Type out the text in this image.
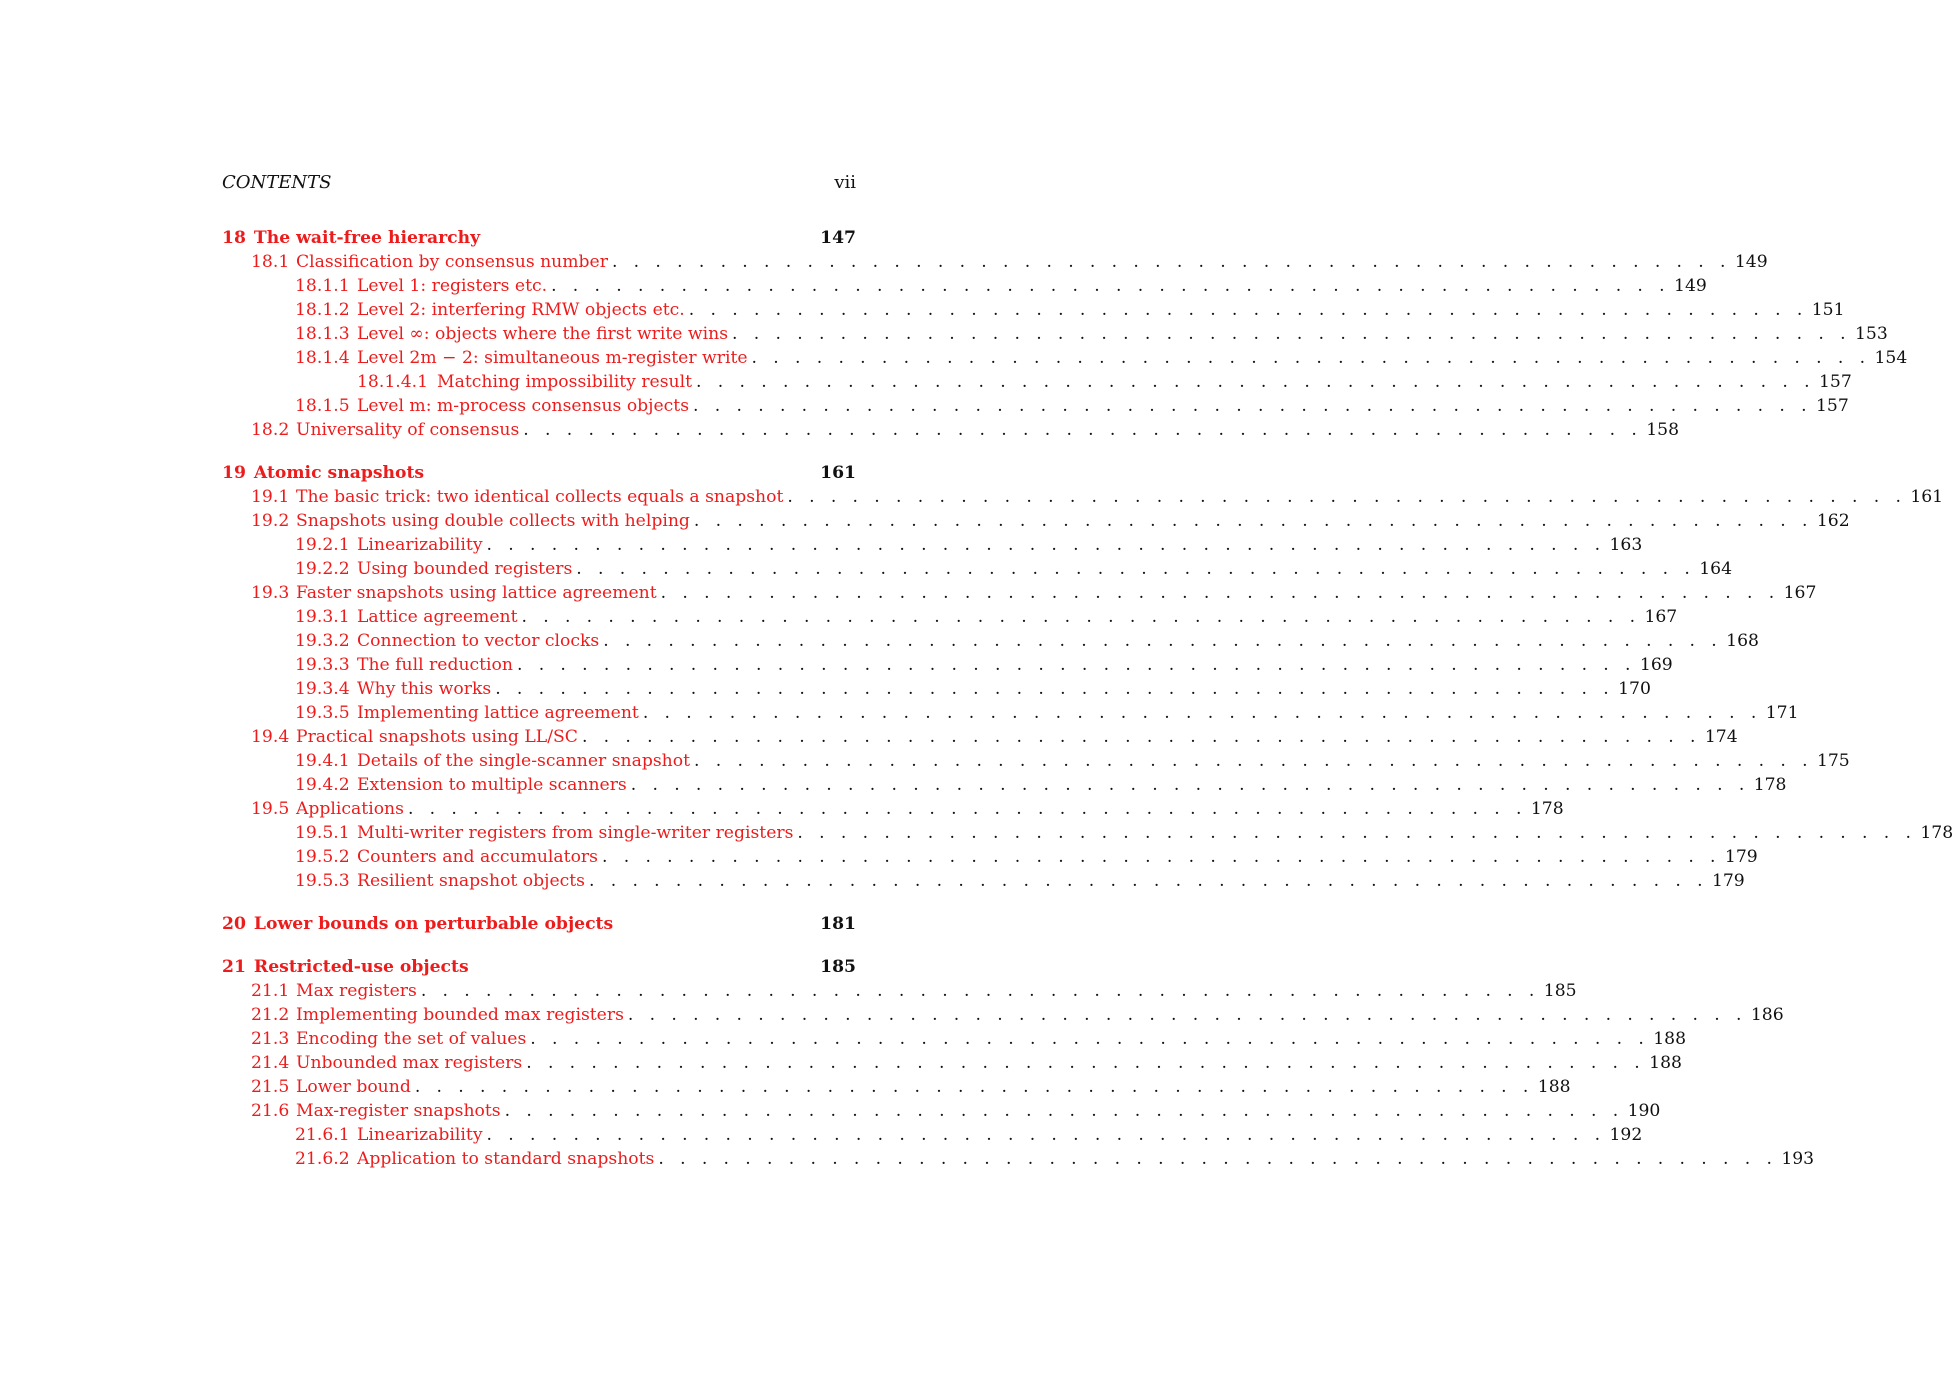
CONTENTS	vii
18 The wait-free hierarchy	147
18.1 Classification by consensus number . . . . . . . . . . . . . . . . . . . . . . . . . . . . . . . . . . . . . . . . . . . . . . . . . . . . 149
18.1.1 Level 1: registers etc. . . . . . . . . . . . . . . . . . . . . . . . . . . . . . . . . . . . . . . . . . . . . . . . . . . . . 149
18.1.2 Level 2: interfering RMW objects etc. . . . . . . . . . . . . . . . . . . . . . . . . . . . . . . . . . . . . . . . . . . . . . . . . . . . . 151
18.1.3 Level ∞: objects where the first write wins . . . . . . . . . . . . . . . . . . . . . . . . . . . . . . . . . . . . . . . . . . . . . . . . . . . . 153
18.1.4 Level 2m − 2: simultaneous m-register write . . . . . . . . . . . . . . . . . . . . . . . . . . . . . . . . . . . . . . . . . . . . . . . . . . . . 154
18.1.4.1 Matching impossibility result . . . . . . . . . . . . . . . . . . . . . . . . . . . . . . . . . . . . . . . . . . . . . . . . . . . . 157
18.1.5 Level m: m-process consensus objects . . . . . . . . . . . . . . . . . . . . . . . . . . . . . . . . . . . . . . . . . . . . . . . . . . . . 157
18.2 Universality of consensus . . . . . . . . . . . . . . . . . . . . . . . . . . . . . . . . . . . . . . . . . . . . . . . . . . . . 158
19 Atomic snapshots	161
19.1 The basic trick: two identical collects equals a snapshot . . . . . . . . . . . . . . . . . . . . . . . . . . . . . . . . . . . . . . . . . . . . . . . . . . . . 161
19.2 Snapshots using double collects with helping . . . . . . . . . . . . . . . . . . . . . . . . . . . . . . . . . . . . . . . . . . . . . . . . . . . . 162
19.2.1 Linearizability . . . . . . . . . . . . . . . . . . . . . . . . . . . . . . . . . . . . . . . . . . . . . . . . . . . . 163
19.2.2 Using bounded registers . . . . . . . . . . . . . . . . . . . . . . . . . . . . . . . . . . . . . . . . . . . . . . . . . . . . 164
19.3 Faster snapshots using lattice agreement . . . . . . . . . . . . . . . . . . . . . . . . . . . . . . . . . . . . . . . . . . . . . . . . . . . . 167
19.3.1 Lattice agreement . . . . . . . . . . . . . . . . . . . . . . . . . . . . . . . . . . . . . . . . . . . . . . . . . . . . 167
19.3.2 Connection to vector clocks . . . . . . . . . . . . . . . . . . . . . . . . . . . . . . . . . . . . . . . . . . . . . . . . . . . . 168
19.3.3 The full reduction . . . . . . . . . . . . . . . . . . . . . . . . . . . . . . . . . . . . . . . . . . . . . . . . . . . . 169
19.3.4 Why this works . . . . . . . . . . . . . . . . . . . . . . . . . . . . . . . . . . . . . . . . . . . . . . . . . . . . 170
19.3.5 Implementing lattice agreement . . . . . . . . . . . . . . . . . . . . . . . . . . . . . . . . . . . . . . . . . . . . . . . . . . . . 171
19.4 Practical snapshots using LL/SC . . . . . . . . . . . . . . . . . . . . . . . . . . . . . . . . . . . . . . . . . . . . . . . . . . . . 174
19.4.1 Details of the single-scanner snapshot . . . . . . . . . . . . . . . . . . . . . . . . . . . . . . . . . . . . . . . . . . . . . . . . . . . . 175
19.4.2 Extension to multiple scanners . . . . . . . . . . . . . . . . . . . . . . . . . . . . . . . . . . . . . . . . . . . . . . . . . . . . 178
19.5 Applications . . . . . . . . . . . . . . . . . . . . . . . . . . . . . . . . . . . . . . . . . . . . . . . . . . . . 178
19.5.1 Multi-writer registers from single-writer registers . . . . . . . . . . . . . . . . . . . . . . . . . . . . . . . . . . . . . . . . . . . . . . . . . . . . 178
19.5.2 Counters and accumulators . . . . . . . . . . . . . . . . . . . . . . . . . . . . . . . . . . . . . . . . . . . . . . . . . . . . 179
19.5.3 Resilient snapshot objects . . . . . . . . . . . . . . . . . . . . . . . . . . . . . . . . . . . . . . . . . . . . . . . . . . . . 179
20 Lower bounds on perturbable objects	181
21 Restricted-use objects	185
21.1 Max registers . . . . . . . . . . . . . . . . . . . . . . . . . . . . . . . . . . . . . . . . . . . . . . . . . . . . 185
21.2 Implementing bounded max registers . . . . . . . . . . . . . . . . . . . . . . . . . . . . . . . . . . . . . . . . . . . . . . . . . . . . 186
21.3 Encoding the set of values . . . . . . . . . . . . . . . . . . . . . . . . . . . . . . . . . . . . . . . . . . . . . . . . . . . . 188
21.4 Unbounded max registers . . . . . . . . . . . . . . . . . . . . . . . . . . . . . . . . . . . . . . . . . . . . . . . . . . . . 188
21.5 Lower bound . . . . . . . . . . . . . . . . . . . . . . . . . . . . . . . . . . . . . . . . . . . . . . . . . . . . 188
21.6 Max-register snapshots . . . . . . . . . . . . . . . . . . . . . . . . . . . . . . . . . . . . . . . . . . . . . . . . . . . . 190
21.6.1 Linearizability . . . . . . . . . . . . . . . . . . . . . . . . . . . . . . . . . . . . . . . . . . . . . . . . . . . . 192
21.6.2 Application to standard snapshots . . . . . . . . . . . . . . . . . . . . . . . . . . . . . . . . . . . . . . . . . . . . . . . . . . . . 193
